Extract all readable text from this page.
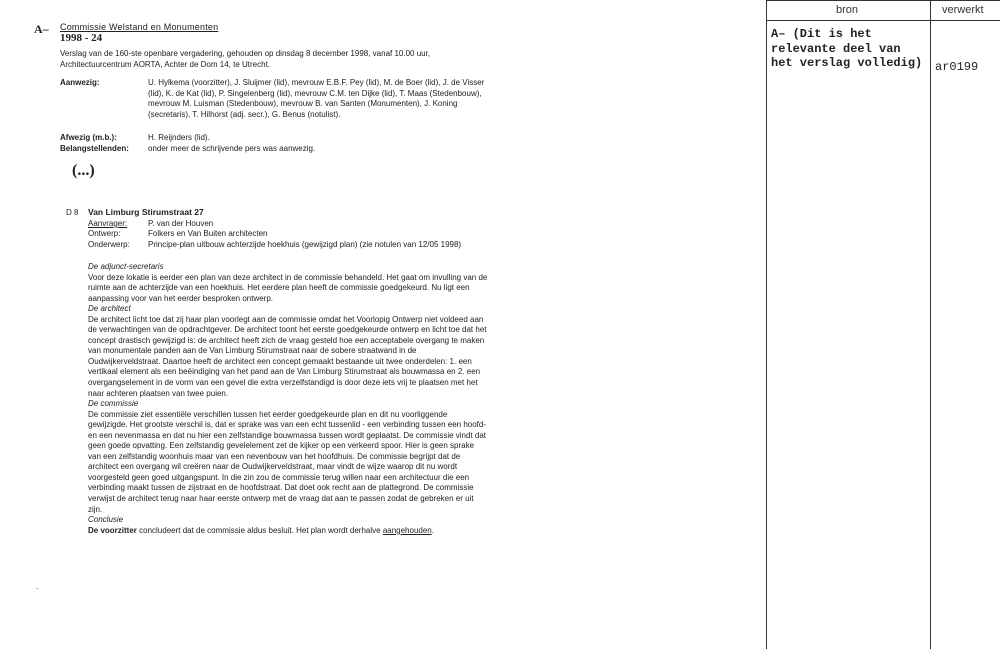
A– Commissie Welstand en Monumenten
1998 - 24
Verslag van de 160-ste openbare vergadering, gehouden op dinsdag 8 december 1998, vanaf 10.00 uur, Architectuurcentrum AORTA, Achter de Dom 14, te Utrecht.
Aanwezig:	U. Hylkema (voorzitter), J. Sluijmer (lid), mevrouw E.B.F. Pey (lid), M. de Boer (lid), J. de Visser (lid), K. de Kat (lid), P. Singelenberg (lid), mevrouw C.M. ten Dijke (lid), T. Maas (Stedenbouw), mevrouw M. Luisman (Stedenbouw), mevrouw B. van Santen (Monumenten), J. Koning (secretaris), T. Hilhorst (adj. secr.), G. Benus (notulist).
Afwezig (m.b.):	H. Reijnders (lid).
Belangstellenden: onder meer de schrijvende pers was aanwezig.
(...)
D 8 Van Limburg Stirumstraat 27
Aanvrager:	P. van der Houven
Ontwerp:	Folkers en Van Buiten architecten
Onderwerp: Principe-plan uitbouw achterzijde hoekhuis (gewijzigd plan) (zie notulen van 12/05 1998)

De adjunct-secretaris

Voor deze lokatie is eerder een plan van deze architect in de commissie behandeld. Het gaat om invulling van de ruimte aan de achterzijde van een hoekhuis. Het eerdere plan heeft de commissie goedgekeurd. Nu ligt een aanpassing voor van het eerder besproken ontwerp.

De architect

De architect licht toe dat zij haar plan voorlegt aan de commissie omdat het Voorlopig Ontwerp niet voldeed aan de verwachtingen van de opdrachtgever. De architect toont het eerste goedgekeurde ontwerp en licht toe dat het concept drastisch gewijzigd is: de architect heeft zich de vraag gesteld hoe een acceptabele overgang te maken van monumentale panden aan de Van Limburg Stirumstraat naar de sobere straatwand in de Oudwijkerveldstraat. Daartoe heeft de architect een concept gemaakt bestaande uit twee onderdelen: 1. een vertikaal element als een beëindiging van het pand aan de Van Limburg Stirumstraat als bouwmassa en 2. een overgangselement in de vorm van een gevel die extra verzelfstandigd is door deze iets vrij te plaatsen met het naar achteren plaatsen van twee puien.

De commissie

De commissie ziet essentiële verschillen tussen het eerder goedgekeurde plan en dit nu voorliggende gewijzigde. Het grootste verschil is, dat er sprake was van een echt tussenlid - een verbinding tussen een hoofd- en een nevenmassa en dat nu hier een zelfstandige bouwmassa tussen wordt geplaatst. De commissie vindt dat geen goede opvatting. Een zelfstandig gevelelement zet de kijker op een verkeerd spoor. Hier is geen sprake van een zelfstandig woonhuis maar van een nevenbouw van het hoofdhuis. De commissie begrijpt dat de architect een overgang wil creëren naar de Oudwijkerveldstraat, maar vindt de wijze waarop dit nu wordt voorgesteld geen goed uitgangspunt. In die zin zou de commissie terug willen naar een architectuur die een verbinding maakt tussen de zijstraat en de hoofdstraat. Dat doet ook recht aan de plattegrond. De commissie verwijst de architect terug naar haar eerste ontwerp met de vraag dat aan te passen zodat de gebreken er uit zijn.

Conclusie

De voorzitter concludeert dat de commissie aldus besluit. Het plan wordt derhalve aangehouden.

-
bron	verwerkt
A– (Dit is het relevante deel van het verslag volledig)	ar0199
